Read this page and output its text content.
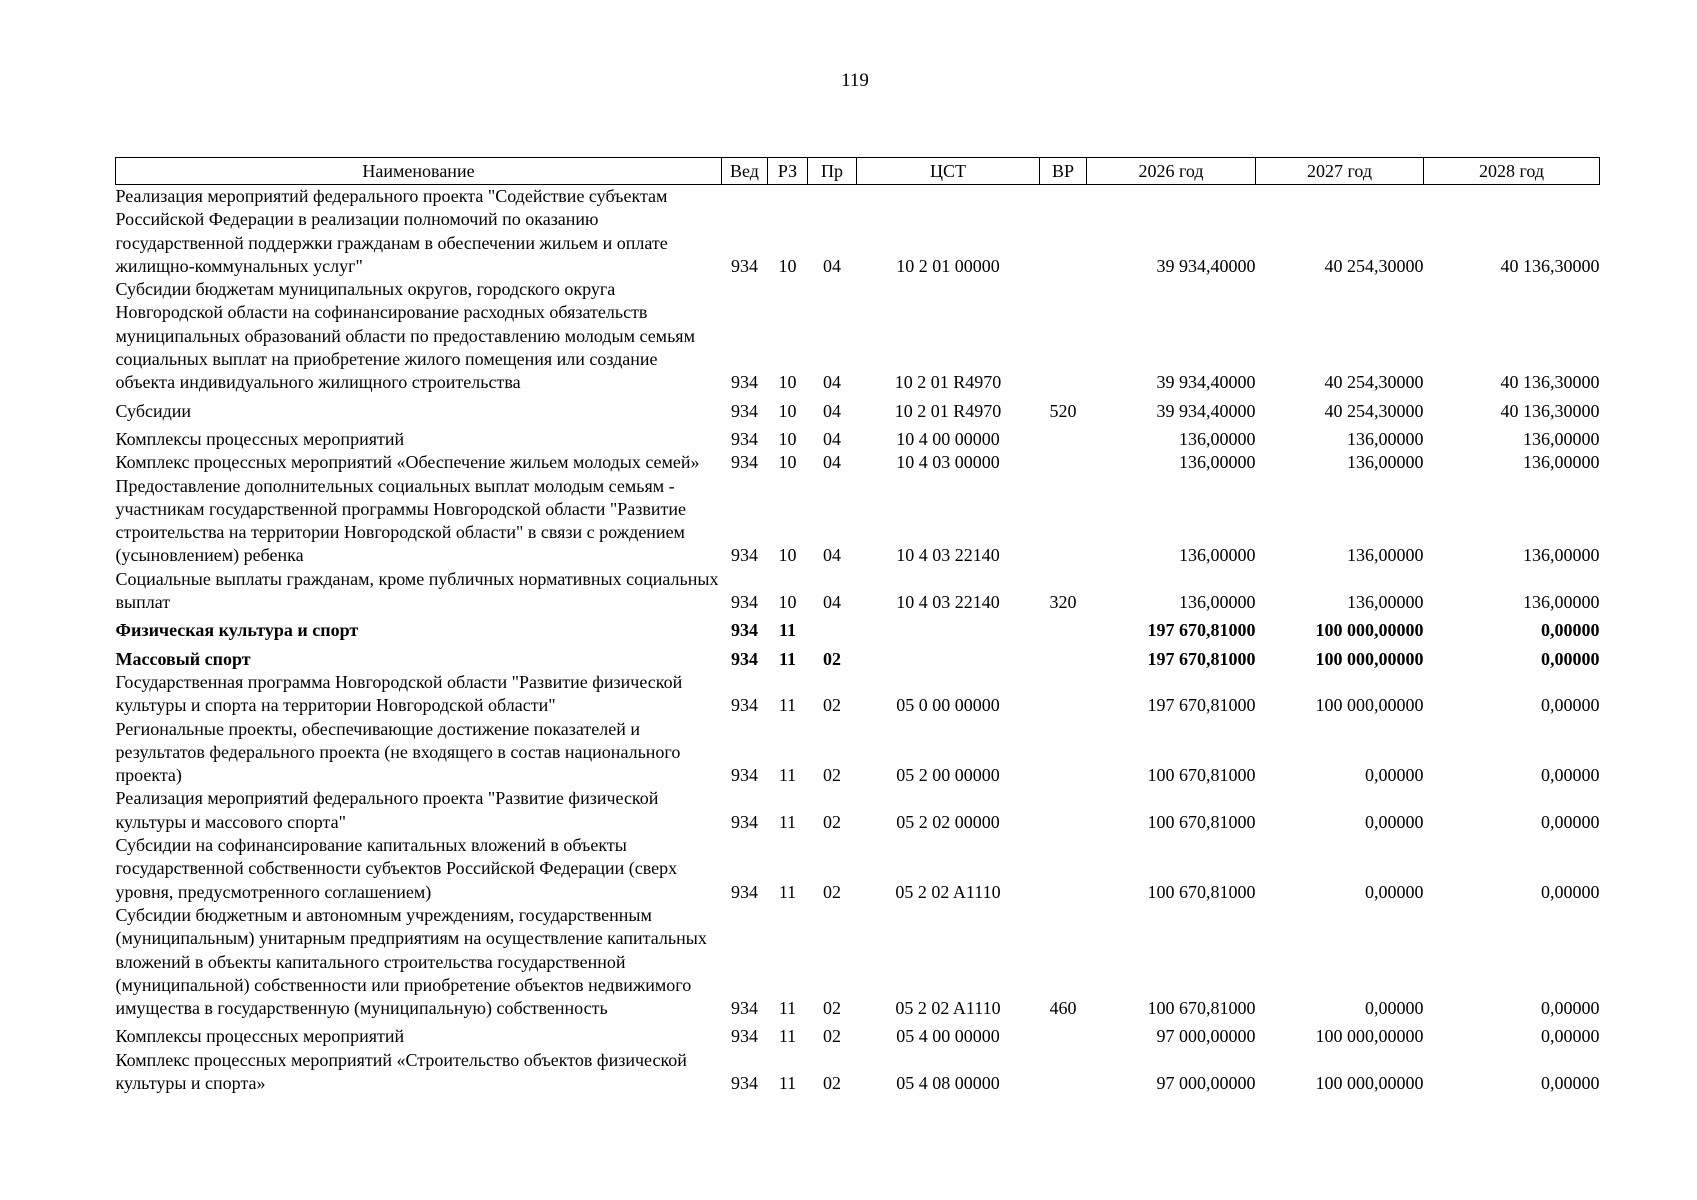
119
Наименование	Вед	РЗ	Пр	ЦСТ	ВР	2026 год	2027 год	2028 год
Реализация мероприятий федерального проекта "Содействие субъектам Российской Федерации в реализации полномочий по оказанию государственной поддержки гражданам в обеспечении жильем и оплате жилищно-коммунальных услуг"	934	10	04	10 2 01 00000		39 934,40000	40 254,30000	40 136,30000
Субсидии бюджетам муниципальных округов, городского округа Новгородской области на софинансирование расходных обязательств муниципальных образований области по предоставлению молодым семьям социальных выплат на приобретение жилого помещения или создание объекта индивидуального жилищного строительства	934	10	04	10 2 01 R4970		39 934,40000	40 254,30000	40 136,30000
Субсидии	934	10	04	10 2 01 R4970	520	39 934,40000	40 254,30000	40 136,30000
Комплексы процессных мероприятий	934	10	04	10 4 00 00000		136,00000	136,00000	136,00000
Комплекс процессных мероприятий «Обеспечение жильем молодых семей»	934	10	04	10 4 03 00000		136,00000	136,00000	136,00000
Предоставление дополнительных социальных выплат молодым семьям - участникам государственной программы Новгородской области "Развитие строительства на территории Новгородской области" в связи с рождением (усыновлением) ребенка	934	10	04	10 4 03 22140		136,00000	136,00000	136,00000
Социальные выплаты гражданам, кроме публичных нормативных социальных выплат	934	10	04	10 4 03 22140	320	136,00000	136,00000	136,00000
Физическая культура и спорт	934	11				197 670,81000	100 000,00000	0,00000
Массовый спорт	934	11	02			197 670,81000	100 000,00000	0,00000
Государственная программа Новгородской области "Развитие физической культуры и спорта на территории Новгородской области"	934	11	02	05 0 00 00000		197 670,81000	100 000,00000	0,00000
Региональные проекты, обеспечивающие достижение показателей и результатов федерального проекта (не входящего в состав национального проекта)	934	11	02	05 2 00 00000		100 670,81000	0,00000	0,00000
Реализация мероприятий федерального проекта "Развитие физической культуры и массового спорта"	934	11	02	05 2 02 00000		100 670,81000	0,00000	0,00000
Субсидии на софинансирование капитальных вложений в объекты государственной собственности субъектов Российской Федерации (сверх уровня, предусмотренного соглашением)	934	11	02	05 2 02 A1110		100 670,81000	0,00000	0,00000
Субсидии бюджетным и автономным учреждениям, государственным (муниципальным) унитарным предприятиям на осуществление капитальных вложений в объекты капитального строительства государственной (муниципальной) собственности или приобретение объектов недвижимого имущества в государственную (муниципальную) собственность	934	11	02	05 2 02 A1110	460	100 670,81000	0,00000	0,00000
Комплексы процессных мероприятий	934	11	02	05 4 00 00000		97 000,00000	100 000,00000	0,00000
Комплекс процессных мероприятий «Строительство объектов физической культуры и спорта»	934	11	02	05 4 08 00000		97 000,00000	100 000,00000	0,00000
